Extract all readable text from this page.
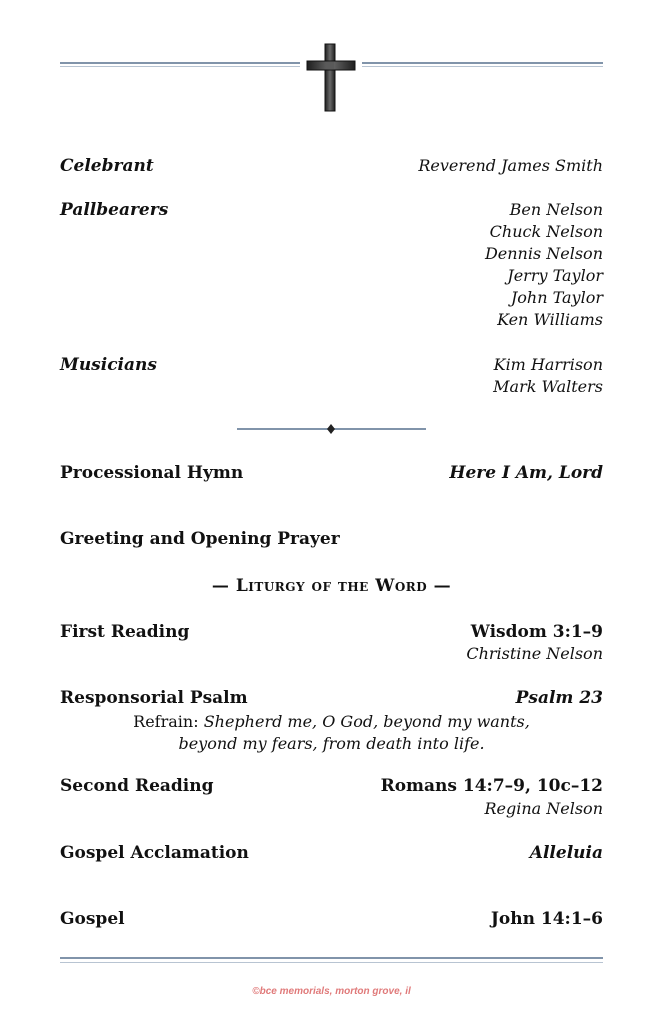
Celebrant	Reverend James Smith
Pallbearers	Ben Nelson
Chuck Nelson
Dennis Nelson
Jerry Taylor
John Taylor
Ken Williams
Musicians	Kim Harrison
Mark Walters
Processional Hymn	Here I Am, Lord
Greeting and Opening Prayer
— Liturgy of the Word —
First Reading	Wisdom 3:1–9
Christine Nelson
Responsorial Psalm	Psalm 23
Refrain: Shepherd me, O God, beyond my wants,
beyond my fears, from death into life.
Second Reading	Romans 14:7–9, 10c–12
Regina Nelson
Gospel Acclamation	Alleluia
Gospel	John 14:1–6
©bce memorials, morton grove, il
